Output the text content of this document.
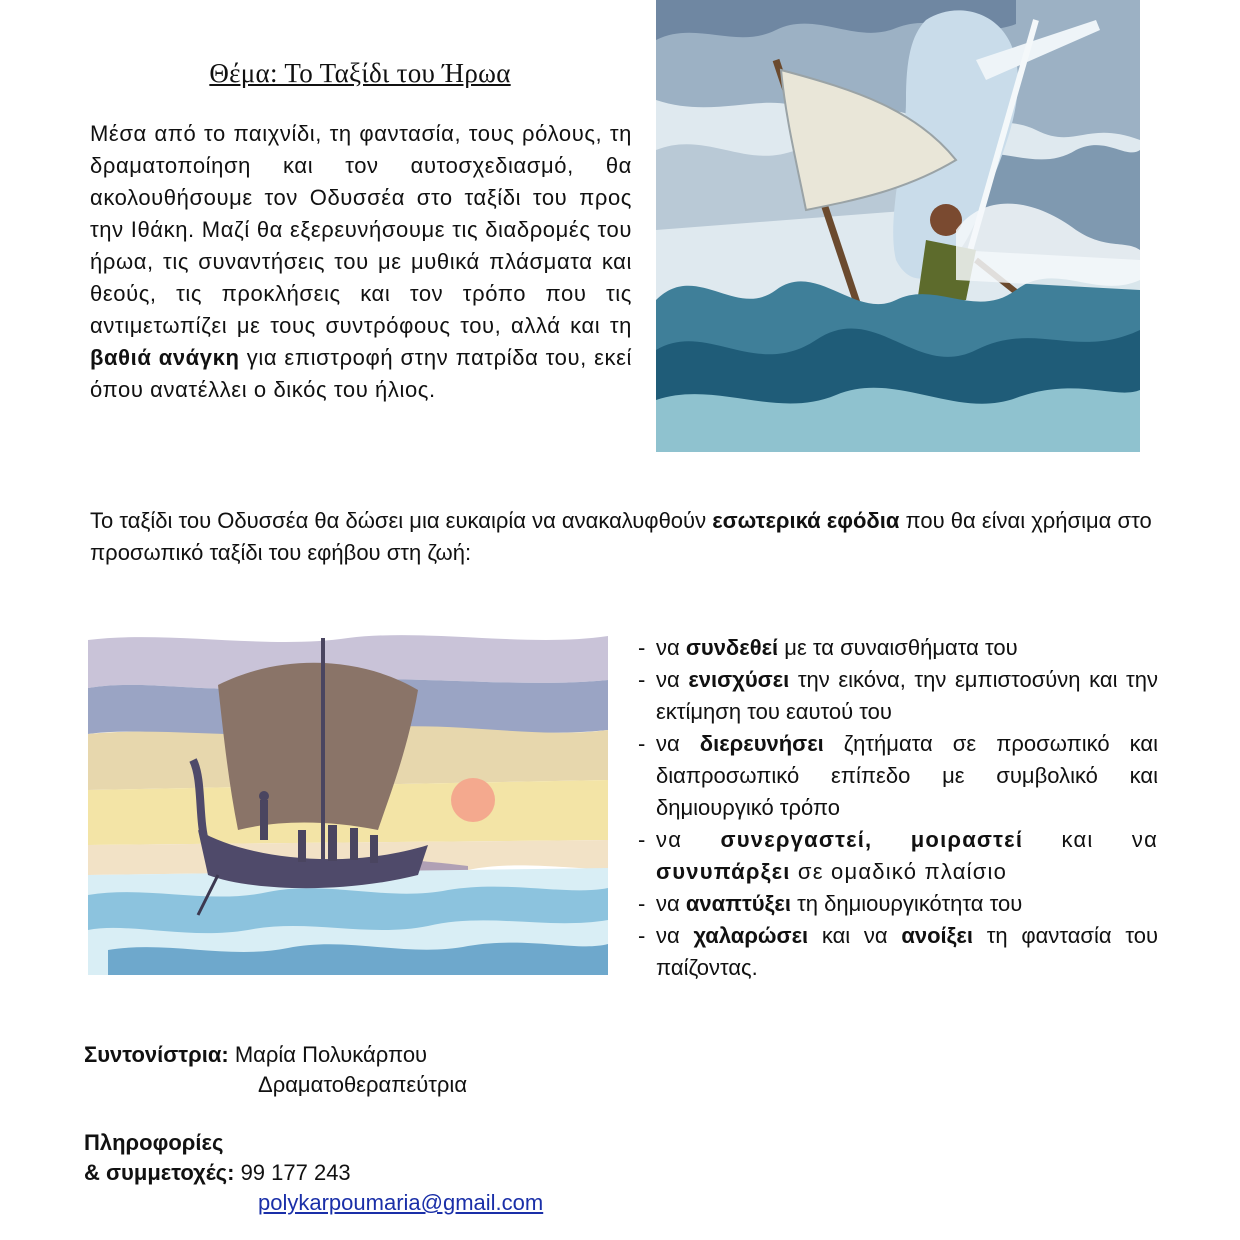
Θέμα: Το Ταξίδι του Ήρωα
Μέσα από το παιχνίδι, τη φαντασία, τους ρόλους, τη δραματοποίηση και τον αυτοσχεδιασμό, θα ακολουθήσουμε τον Οδυσσέα στο ταξίδι του προς την Ιθάκη. Μαζί θα εξερευνήσουμε τις διαδρομές του ήρωα, τις συναντήσεις του με μυθικά πλάσματα και θεούς, τις προκλήσεις και τον τρόπο που τις αντιμετωπίζει με τους συντρόφους του, αλλά και τη βαθιά ανάγκη για επιστροφή στην πατρίδα του, εκεί όπου ανατέλλει ο δικός του ήλιος.
Το ταξίδι του Οδυσσέα θα δώσει μια ευκαιρία να ανακαλυφθούν εσωτερικά εφόδια που θα είναι χρήσιμα στο προσωπικό ταξίδι του εφήβου στη ζωή:
- να συνδεθεί με τα συναισθήματα του
- να ενισχύσει την εικόνα, την εμπιστοσύνη και την εκτίμηση του εαυτού του
- να διερευνήσει ζητήματα σε προσωπικό και διαπροσωπικό επίπεδο με συμβολικό και δημιουργικό τρόπο
- να συνεργαστεί, μοιραστεί και να συνυπάρξει σε ομαδικό πλαίσιο
- να αναπτύξει τη δημιουργικότητα του
- να χαλαρώσει και να ανοίξει τη φαντασία του παίζοντας.
Συντονίστρια: Μαρία Πολυκάρπου
Δραματοθεραπεύτρια
Πληροφορίες
& συμμετοχές: 99 177 243
polykarpoumaria@gmail.com
